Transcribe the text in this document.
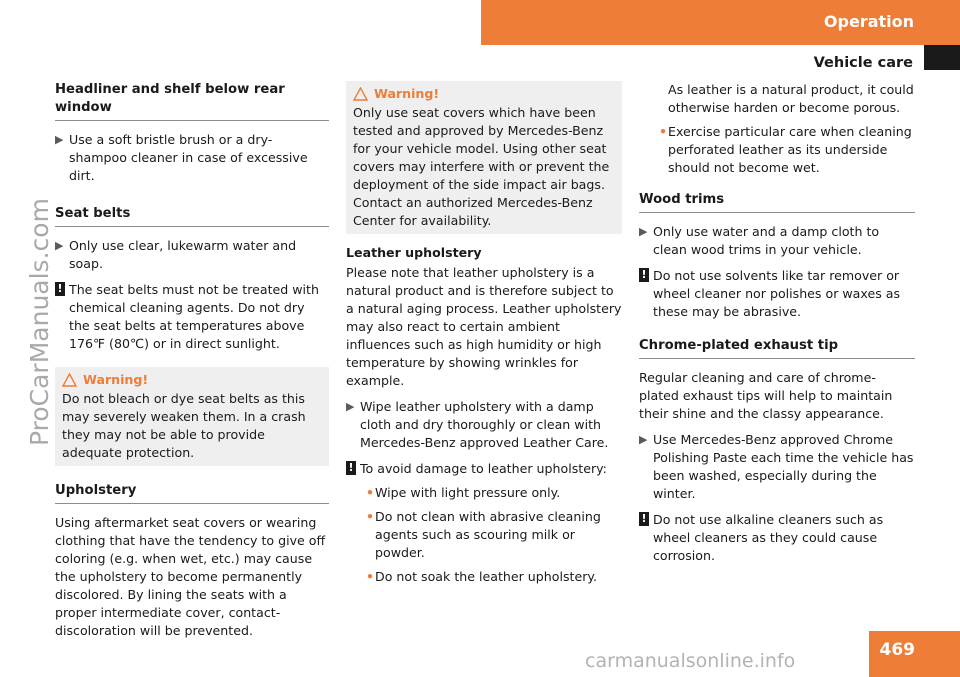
Operation
Vehicle care
ProCarManuals.com
Headliner and shelf below rear window
▶ Use a soft bristle brush or a dry-shampoo cleaner in case of excessive dirt.
Seat belts
▶ Only use clear, lukewarm water and soap.
! The seat belts must not be treated with chemical cleaning agents. Do not dry the seat belts at temperatures above 176℉ (80℃) or in direct sunlight.
Warning!
Do not bleach or dye seat belts as this may severely weaken them. In a crash they may not be able to provide adequate protection.
Upholstery
Using aftermarket seat covers or wearing clothing that have the tendency to give off coloring (e.g. when wet, etc.) may cause the upholstery to become permanently discolored. By lining the seats with a proper intermediate cover, contact-discoloration will be prevented.
Warning!
Only use seat covers which have been tested and approved by Mercedes-Benz for your vehicle model. Using other seat covers may interfere with or prevent the deployment of the side impact air bags. Contact an authorized Mercedes-Benz Center for availability.
Leather upholstery
Please note that leather upholstery is a natural product and is therefore subject to a natural aging process. Leather upholstery may also react to certain ambient influences such as high humidity or high temperature by showing wrinkles for example.
▶ Wipe leather upholstery with a damp cloth and dry thoroughly or clean with Mercedes-Benz approved Leather Care.
! To avoid damage to leather upholstery:
• Wipe with light pressure only.
• Do not clean with abrasive cleaning agents such as scouring milk or powder.
• Do not soak the leather upholstery.
As leather is a natural product, it could otherwise harden or become porous.
• Exercise particular care when cleaning perforated leather as its underside should not become wet.
Wood trims
▶ Only use water and a damp cloth to clean wood trims in your vehicle.
! Do not use solvents like tar remover or wheel cleaner nor polishes or waxes as these may be abrasive.
Chrome-plated exhaust tip
Regular cleaning and care of chrome-plated exhaust tips will help to maintain their shine and the classy appearance.
▶ Use Mercedes-Benz approved Chrome Polishing Paste each time the vehicle has been washed, especially during the winter.
! Do not use alkaline cleaners such as wheel cleaners as they could cause corrosion.
469
carmanualsonline.info
